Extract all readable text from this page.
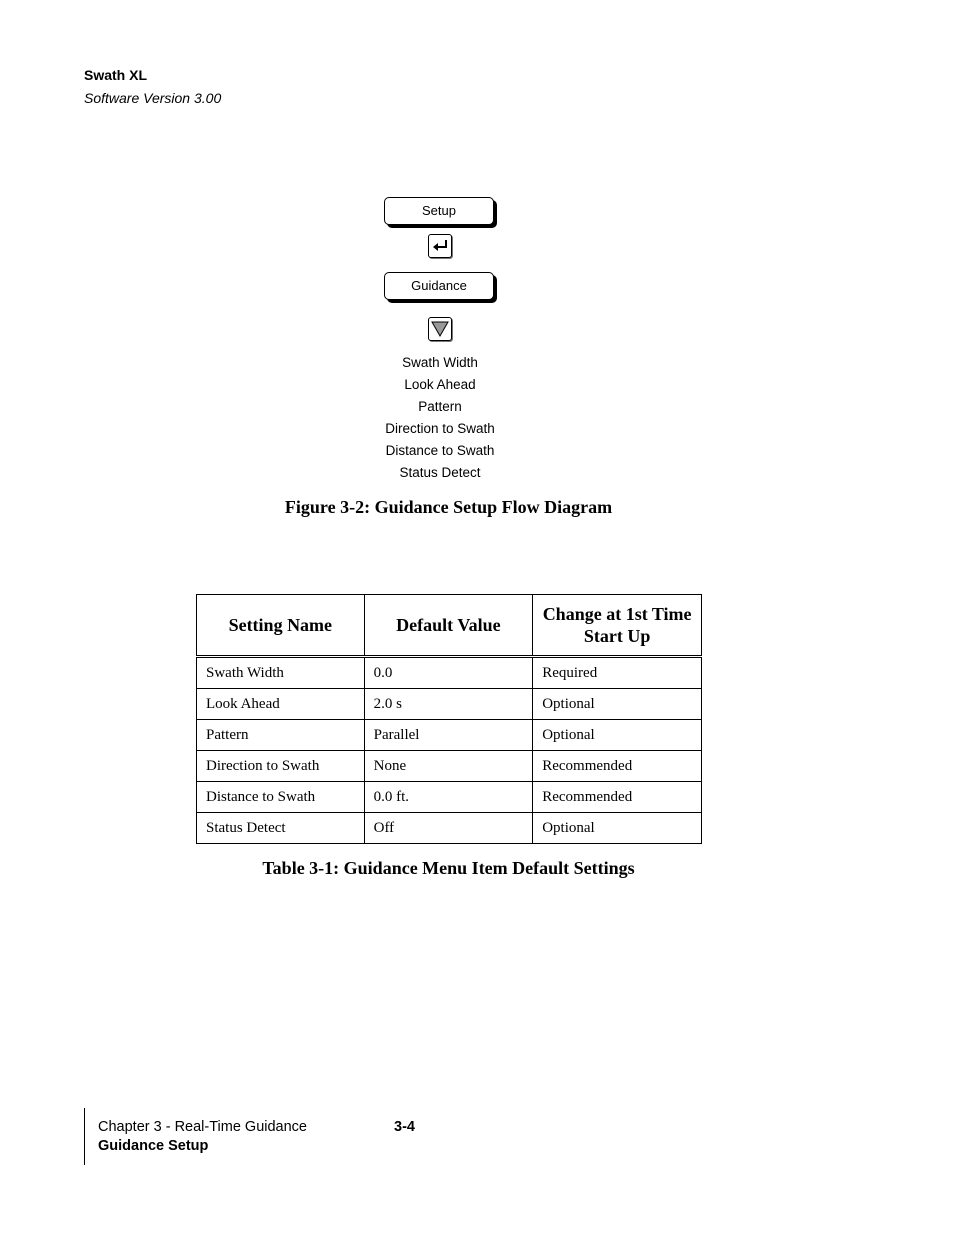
Swath XL
Software Version 3.00
Setup
Guidance
Swath Width
Look Ahead
Pattern
Direction to Swath
Distance to Swath
Status Detect
Figure 3-2: Guidance Setup Flow Diagram
Setting Name	Default Value	Change at 1st Time Start Up
Swath Width	0.0	Required
Look Ahead	2.0 s	Optional
Pattern	Parallel	Optional
Direction to Swath	None	Recommended
Distance to Swath	0.0 ft.	Recommended
Status Detect	Off	Optional
Table 3-1: Guidance Menu Item Default Settings
Chapter 3 - Real-Time Guidance	3-4
Guidance Setup
